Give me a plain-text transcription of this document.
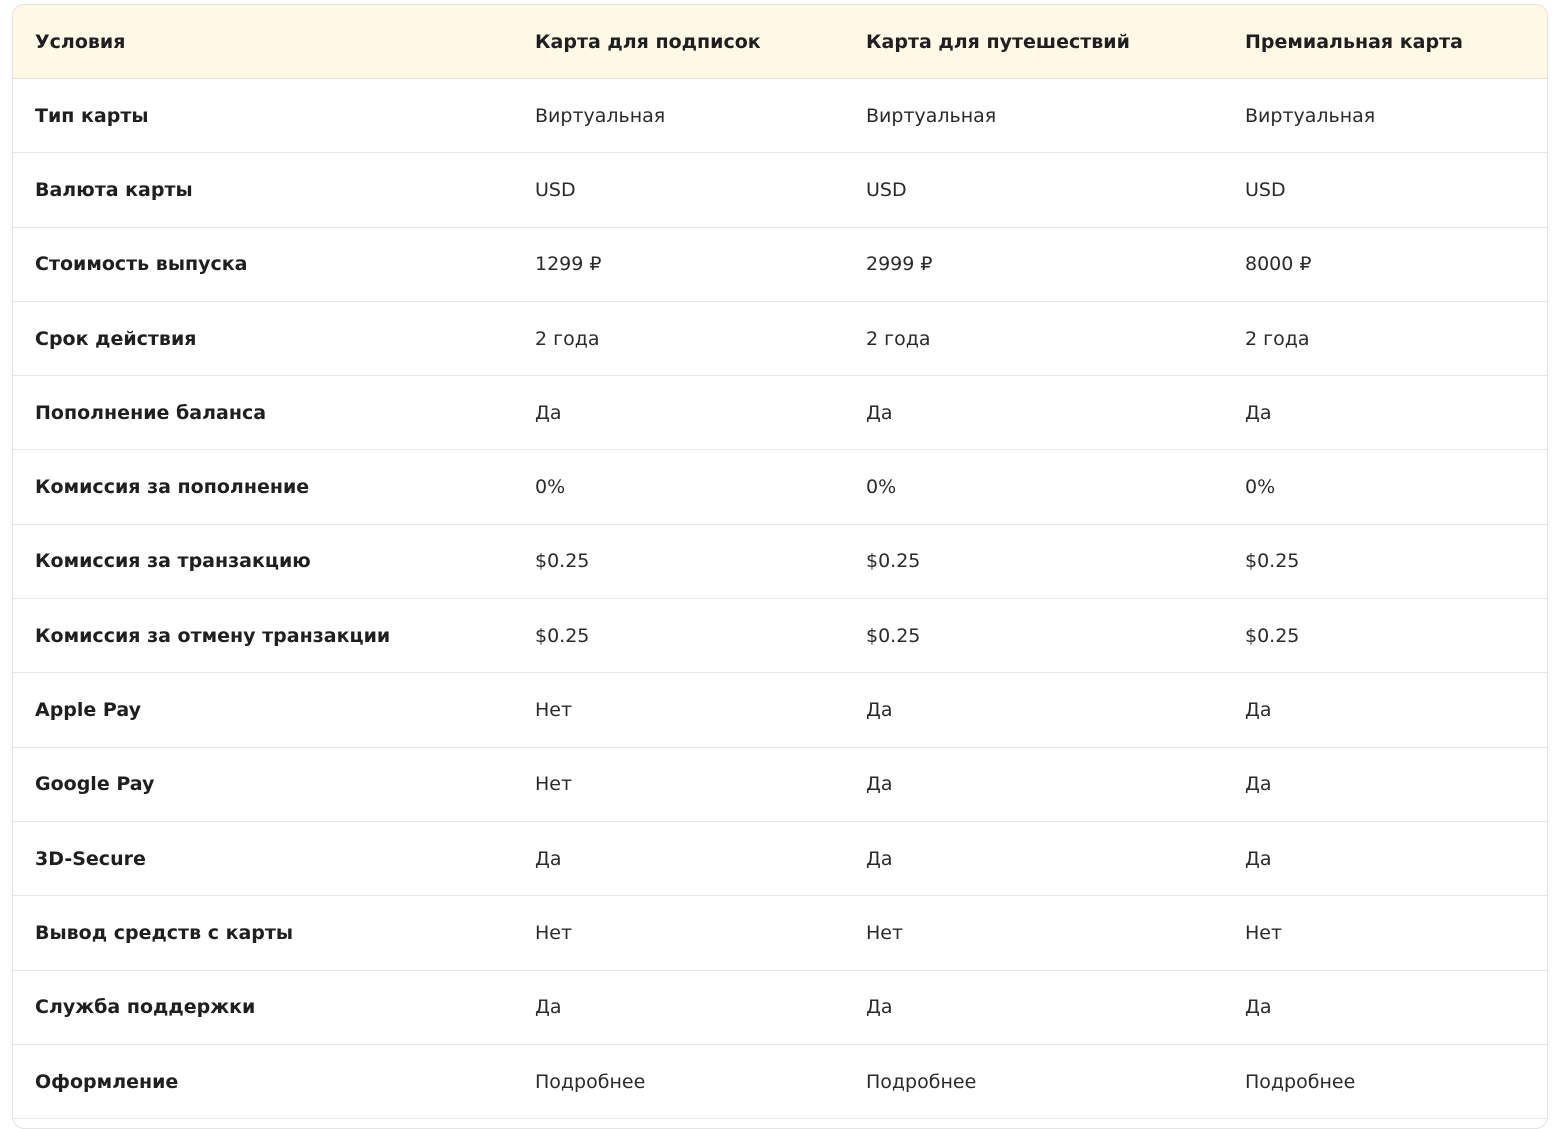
Условия	Карта для подписок	Карта для путешествий	Премиальная карта
Тип карты	Виртуальная	Виртуальная	Виртуальная
Валюта карты	USD	USD	USD
Стоимость выпуска	1299 ₽	2999 ₽	8000 ₽
Срок действия	2 года	2 года	2 года
Пополнение баланса	Да	Да	Да
Комиссия за пополнение	0%	0%	0%
Комиссия за транзакцию	$0.25	$0.25	$0.25
Комиссия за отмену транзакции	$0.25	$0.25	$0.25
Apple Pay	Нет	Да	Да
Google Pay	Нет	Да	Да
3D-Secure	Да	Да	Да
Вывод средств с карты	Нет	Нет	Нет
Служба поддержки	Да	Да	Да
Оформление	Подробнее	Подробнее	Подробнее
